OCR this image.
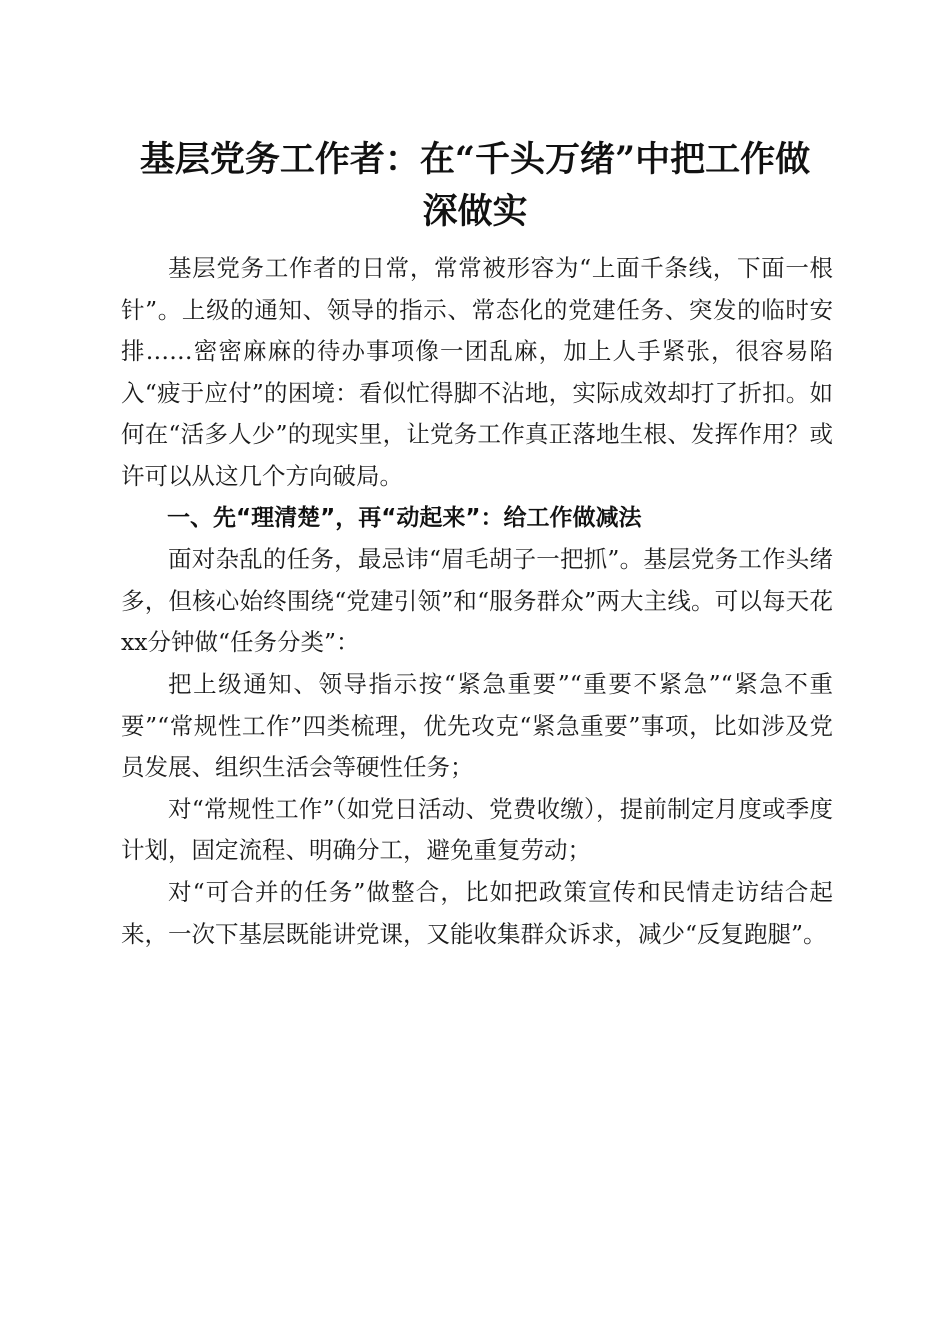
基层党务工作者：在“千头万绪”中把工作做
深做实

基层党务工作者的日常，常常被形容为“上面千条线，下面一根针”。上级的通知、领导的指示、常态化的党建任务、突发的临时安排……密密麻麻的待办事项像一团乱麻，加上人手紧张，很容易陷入“疲于应付”的困境：看似忙得脚不沾地，实际成效却打了折扣。如何在“活多人少”的现实里，让党务工作真正落地生根、发挥作用？或许可以从这几个方向破局。

一、先“理清楚”，再“动起来”：给工作做减法

面对杂乱的任务，最忌讳“眉毛胡子一把抓”。基层党务工作头绪多，但核心始终围绕“党建引领”和“服务群众”两大主线。可以每天花xx分钟做“任务分类”：

把上级通知、领导指示按“紧急重要”“重要不紧急”“紧急不重要”“常规性工作”四类梳理，优先攻克“紧急重要”事项，比如涉及党员发展、组织生活会等硬性任务；

对“常规性工作”（如党日活动、党费收缴），提前制定月度或季度计划，固定流程、明确分工，避免重复劳动；

对“可合并的任务”做整合，比如把政策宣传和民情走访结合起来，一次下基层既能讲党课，又能收集群众诉求，减少“反复跑腿”。
